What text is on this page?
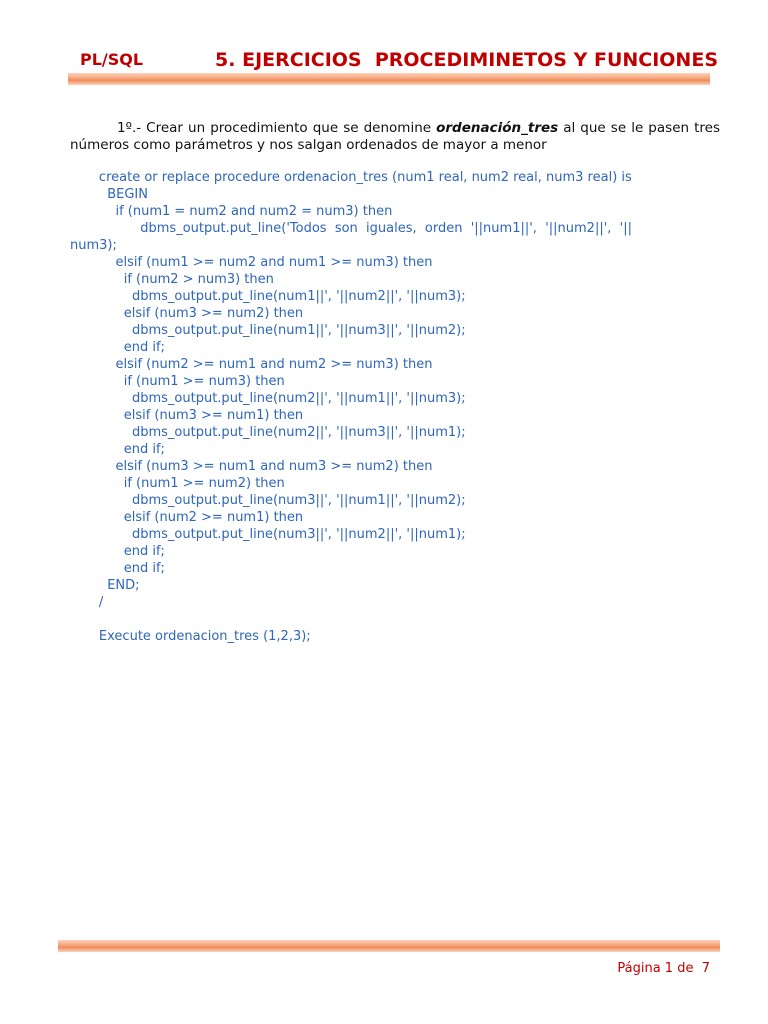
PL/SQL	5. EJERCICIOS  PROCEDIMINETOS Y FUNCIONES
1º.- Crear un procedimiento que se denomine ordenación_tres al que se le pasen tres números como parámetros y nos salgan ordenados de mayor a menor
create or replace procedure ordenacion_tres (num1 real, num2 real, num3 real) is
BEGIN
if (num1 = num2 and num2 = num3) then
dbms_output.put_line('Todos  son  iguales,  orden  '||num1||',  '||num2||',  '||
num3);
elsif (num1 >= num2 and num1 >= num3) then
if (num2 > num3) then
dbms_output.put_line(num1||', '||num2||', '||num3);
elsif (num3 >= num2) then
dbms_output.put_line(num1||', '||num3||', '||num2);
end if;
elsif (num2 >= num1 and num2 >= num3) then
if (num1 >= num3) then
dbms_output.put_line(num2||', '||num1||', '||num3);
elsif (num3 >= num1) then
dbms_output.put_line(num2||', '||num3||', '||num1);
end if;
elsif (num3 >= num1 and num3 >= num2) then
if (num1 >= num2) then
dbms_output.put_line(num3||', '||num1||', '||num2);
elsif (num2 >= num1) then
dbms_output.put_line(num3||', '||num2||', '||num1);
end if;
end if;
END;
/
Execute ordenacion_tres (1,2,3);
Página 1 de  7
